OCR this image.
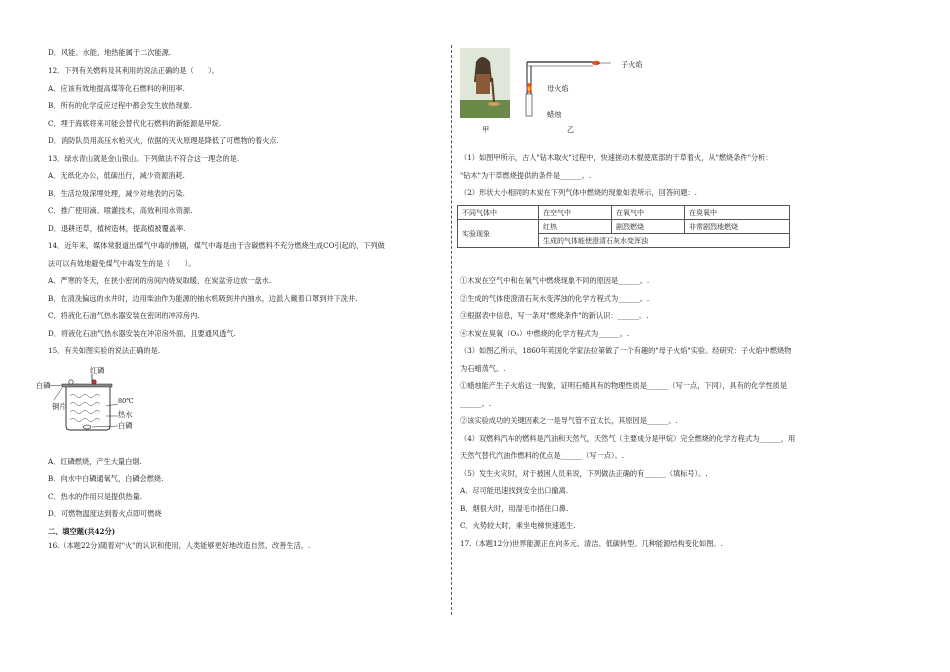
D．风能、水能、地热能属于二次能源.
12．下列有关燃料及其利用的说法正确的是（　　）。
A．应该有效地提高煤等化石燃料的利用率.
B．所有的化学反应过程中都会发生放热现象.
C．埋于海底将来可能会替代化石燃料的新能源是甲烷.
D．消防队员用高压水枪灭火，依据的灭火原理是降低了可燃物的着火点.
13．绿水青山就是金山银山。下列做法不符合这一理念的是.
A．无纸化办公，低碳出行，减少资源消耗.
B．生活垃圾深埋处理，减少对地表的污染.
C．推广使用滴、喷灌技术，高效利用水资源.
D．退耕还草，植树造林，提高植被覆盖率.
14．近年来，媒体常报道出煤气中毒的惨剧，煤气中毒是由于含碳燃料不充分燃烧生成CO引起的，下列做
法可以有效地避免煤气中毒发生的是（　　）。
A．严寒的冬天，在狭小密闭的房间内烧炭取暖，在炭盆旁边放一盘水.
B．在清洗偏远的水井时，边用柴油作为能源的抽水机吸到井内抽水，边派人戴着口罩到井下洗井.
C．将液化石油气热水器安装在密闭的冲凉房内.
D．将液化石油气热水器安装在冲凉房外面，且要通风透气.
15．有关如图实验的说法正确的是.
红磷
白磷
铜片
80℃
热水
白磷
A．红磷燃烧，产生大量白烟.
B．向水中白磷通氧气，白磷会燃烧.
C．热水的作用只是提供热量.
D．可燃物温度达到着火点即可燃烧
二、填空题(共42分)
16.（本题22分)随着对"火"的认识和使用，人类能够更好地改造自然、改善生活。.
甲
子火焰
母火焰
蜡烛
乙
（1）如图甲所示，古人"钻木取火"过程中，快速搓动木棍使底部的干草着火，从"燃烧条件"分析：
"钻木"为干草燃烧提供的条件是______。.
（2）形状大小相同的木炭在下列气体中燃烧的现象如表所示，回答问题：.
不同气体中	在空气中	在氧气中	在臭氧中
实验现象	红热	剧烈燃烧	非常剧烈地燃烧
	生成的气体能使澄清石灰水变浑浊		
①木炭在空气中和在氧气中燃烧现象不同的原因是______。.
②生成的气体使澄清石灰水变浑浊的化学方程式为______。.
③根据表中信息，写一条对"燃烧条件"的新认识：______。.
④木炭在臭氧（O₃）中燃烧的化学方程式为______。.
（3）如图乙所示，1860年英国化学家法拉第做了一个有趣的"母子火焰"实验。经研究：子火焰中燃烧物
为石蜡蒸气。.
①蜡烛能产生子火焰这一现象，证明石蜡具有的物理性质是______（写一点，下同），具有的化学性质是
______。.
②该实验成功的关键因素之一是导气管不宜太长，其原因是______。.
（4）双燃料汽车的燃料是汽油和天然气，天然气（主要成分是甲烷）完全燃烧的化学方程式为______，用
天然气替代汽油作燃料的优点是______（写一点）。.
（5）发生火灾时，对于被困人员来说，下列做法正确的有______（填标号）。.
A．尽可能迅速找到安全出口撤离.
B．烟很大时，用湿毛巾捂住口鼻.
C．火势较大时，乘坐电梯快速逃生.
17.（本题12分)世界能源正在向多元、清洁、低碳转型。几种能源结构变化如图。.
